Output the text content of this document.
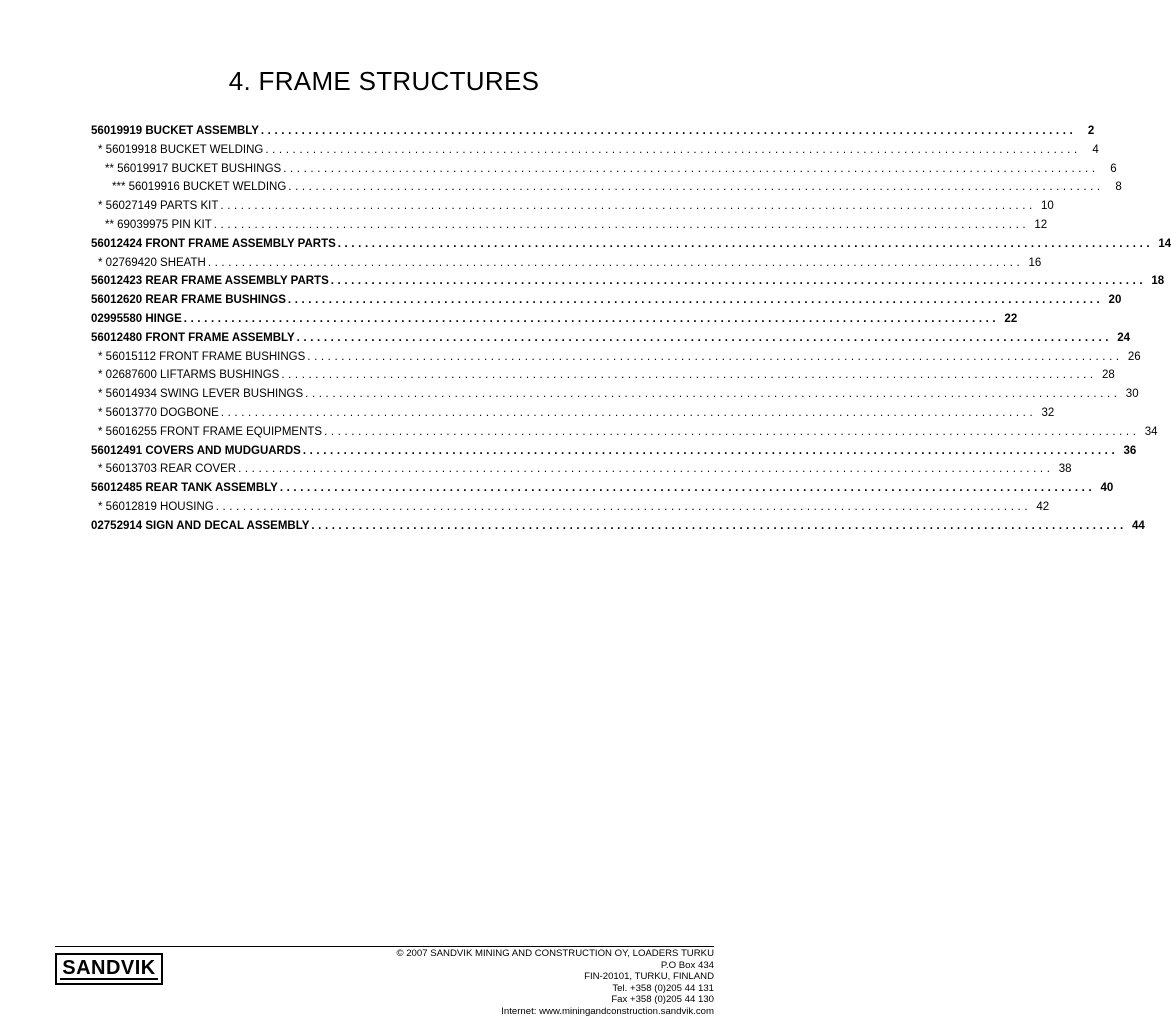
4. FRAME STRUCTURES
56019919 BUCKET ASSEMBLY ........................................................................................................................	2
* 56019918 BUCKET WELDING ........................................................................................................................	4
** 56019917 BUCKET BUSHINGS ........................................................................................................................	6
*** 56019916 BUCKET WELDING ........................................................................................................................	8
* 56027149 PARTS KIT ........................................................................................................................ 10
** 69039975 PIN KIT ........................................................................................................................ 12
56012424 FRONT FRAME ASSEMBLY PARTS ........................................................................................................................ 14
* 02769420 SHEATH ........................................................................................................................ 16
56012423 REAR FRAME ASSEMBLY PARTS ........................................................................................................................ 18
56012620 REAR FRAME BUSHINGS ........................................................................................................................ 20
02995580 HINGE ........................................................................................................................ 22
56012480 FRONT FRAME ASSEMBLY ........................................................................................................................ 24
* 56015112 FRONT FRAME BUSHINGS ........................................................................................................................ 26
* 02687600 LIFTARMS BUSHINGS ........................................................................................................................ 28
* 56014934 SWING LEVER BUSHINGS ........................................................................................................................ 30
* 56013770 DOGBONE ........................................................................................................................ 32
* 56016255 FRONT FRAME EQUIPMENTS ........................................................................................................................ 34
56012491 COVERS AND MUDGUARDS ........................................................................................................................ 36
* 56013703 REAR COVER ........................................................................................................................ 38
56012485 REAR TANK ASSEMBLY ........................................................................................................................ 40
* 56012819 HOUSING ........................................................................................................................ 42
02752914 SIGN AND DECAL ASSEMBLY ........................................................................................................................ 44
SANDVIK
© 2007 SANDVIK MINING AND CONSTRUCTION OY, LOADERS TURKU
P.O Box 434
FIN-20101, TURKU, FINLAND
Tel. +358 (0)205 44 131
Fax +358 (0)205 44 130
Internet: www.miningandconstruction.sandvik.com
